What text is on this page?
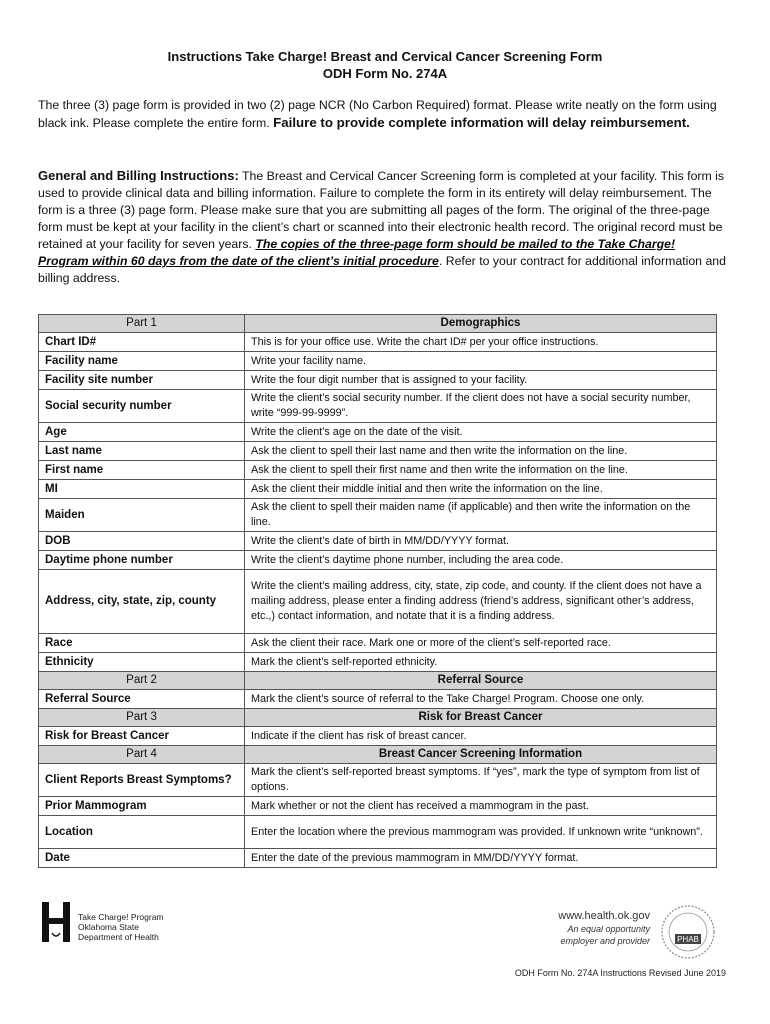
Instructions Take Charge! Breast and Cervical Cancer Screening Form
ODH Form No. 274A

The three (3) page form is provided in two (2) page NCR (No Carbon Required) format. Please write neatly on the form using black ink. Please complete the entire form. Failure to provide complete information will delay reimbursement.

General and Billing Instructions: The Breast and Cervical Cancer Screening form is completed at your facility. This form is used to provide clinical data and billing information. Failure to complete the form in its entirety will delay reimbursement. The form is a three (3) page form. Please make sure that you are submitting all pages of the form. The original of the three-page form must be kept at your facility in the client’s chart or scanned into their electronic health record. The original record must be retained at your facility for seven years. The copies of the three-page form should be mailed to the Take Charge! Program within 60 days from the date of the client’s initial procedure. Refer to your contract for additional information and billing address.

Part 1	Demographics
Chart ID#	This is for your office use. Write the chart ID# per your office instructions.
Facility name	Write your facility name.
Facility site number	Write the four digit number that is assigned to your facility.
Social security number	Write the client’s social security number. If the client does not have a social security number, write “999-99-9999”.
Age	Write the client’s age on the date of the visit.
Last name	Ask the client to spell their last name and then write the information on the line.
First name	Ask the client to spell their first name and then write the information on the line.
MI	Ask the client their middle initial and then write the information on the line.
Maiden	Ask the client to spell their maiden name (if applicable) and then write the information on the line.
DOB	Write the client’s date of birth in MM/DD/YYYY format.
Daytime phone number	Write the client’s daytime phone number, including the area code.
Address, city, state, zip, county	Write the client’s mailing address, city, state, zip code, and county. If the client does not have a mailing address, please enter a finding address (friend’s address, significant other’s address, etc.,) contact information, and notate that it is a finding address.
Race	Ask the client their race. Mark one or more of the client’s self-reported race.
Ethnicity	Mark the client’s self-reported ethnicity.
Part 2	Referral Source
Referral Source	Mark the client’s source of referral to the Take Charge! Program. Choose one only.
Part 3	Risk for Breast Cancer
Risk for Breast Cancer	Indicate if the client has risk of breast cancer.
Part 4	Breast Cancer Screening Information
Client Reports Breast Symptoms?	Mark the client’s self-reported breast symptoms. If “yes”, mark the type of symptom from list of options.
Prior Mammogram	Mark whether or not the client has received a mammogram in the past.
Location	Enter the location where the previous mammogram was provided. If unknown write “unknown”.
Date	Enter the date of the previous mammogram in MM/DD/YYYY format.
Take Charge! Program
Oklahoma State
Department of Health
www.health.ok.gov
An equal opportunity
employer and provider	PHAB
ODH Form No. 274A Instructions Revised June 2019
